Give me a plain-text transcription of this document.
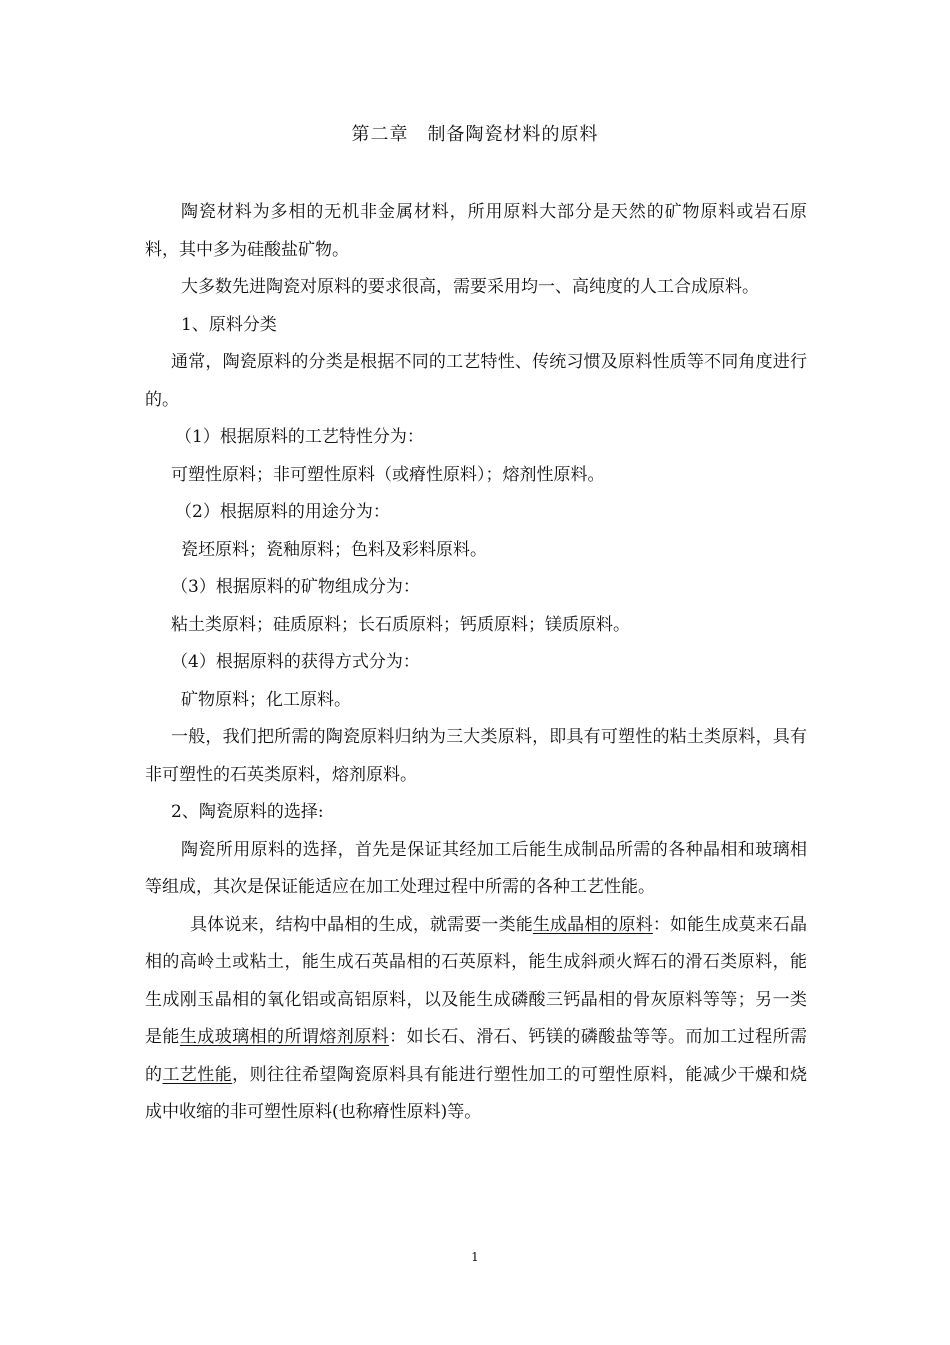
第二章　制备陶瓷材料的原料

陶瓷材料为多相的无机非金属材料，所用原料大部分是天然的矿物原料或岩石原料，其中多为硅酸盐矿物。

大多数先进陶瓷对原料的要求很高，需要采用均一、高纯度的人工合成原料。

1、原料分类

通常，陶瓷原料的分类是根据不同的工艺特性、传统习惯及原料性质等不同角度进行的。

（1）根据原料的工艺特性分为：

可塑性原料；非可塑性原料（或瘠性原料）；熔剂性原料。

（2）根据原料的用途分为：

瓷坯原料；瓷釉原料；色料及彩料原料。

（3）根据原料的矿物组成分为：

粘土类原料；硅质原料；长石质原料；钙质原料；镁质原料。

（4）根据原料的获得方式分为：

矿物原料；化工原料。

一般，我们把所需的陶瓷原料归纳为三大类原料，即具有可塑性的粘土类原料，具有非可塑性的石英类原料，熔剂原料。

2、陶瓷原料的选择:

陶瓷所用原料的选择，首先是保证其经加工后能生成制品所需的各种晶相和玻璃相等组成，其次是保证能适应在加工处理过程中所需的各种工艺性能。

具体说来，结构中晶相的生成，就需要一类能生成晶相的原料：如能生成莫来石晶相的高岭土或粘土，能生成石英晶相的石英原料，能生成斜顽火辉石的滑石类原料，能生成刚玉晶相的氧化铝或高铝原料，以及能生成磷酸三钙晶相的骨灰原料等等；另一类是能生成玻璃相的所谓熔剂原料：如长石、滑石、钙镁的磷酸盐等等。而加工过程所需的工艺性能，则往往希望陶瓷原料具有能进行塑性加工的可塑性原料，能减少干燥和烧成中收缩的非可塑性原料(也称瘠性原料)等。

1
